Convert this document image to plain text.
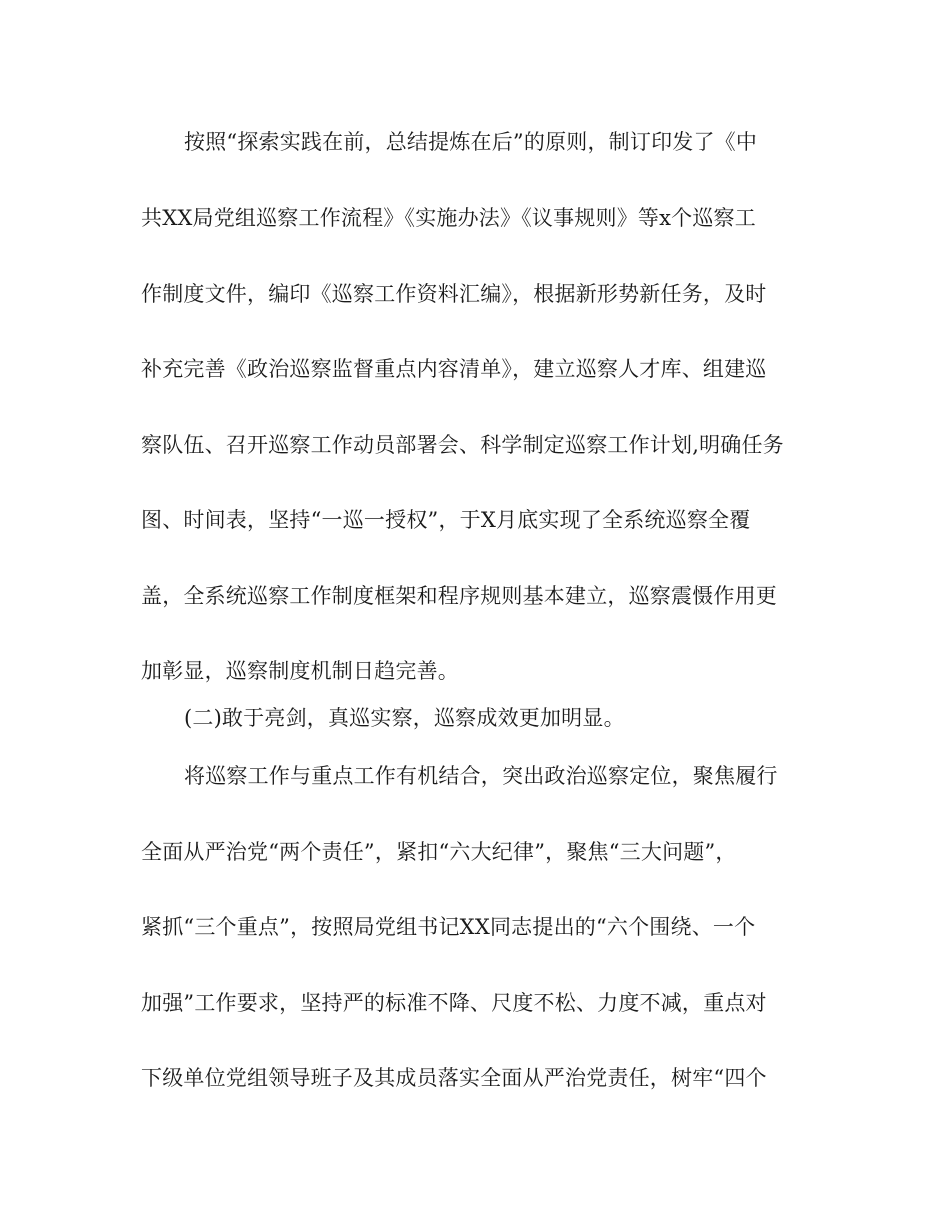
按照“探索实践在前，总结提炼在后”的原则，制订印发了《中
共XX局党组巡察工作流程》《实施办法》《议事规则》等x个巡察工
作制度文件，编印《巡察工作资料汇编》，根据新形势新任务，及时
补充完善《政治巡察监督重点内容清单》，建立巡察人才库、组建巡
察队伍、召开巡察工作动员部署会、科学制定巡察工作计划,明确任务
图、时间表，坚持“一巡一授权”，于X月底实现了全系统巡察全覆
盖，全系统巡察工作制度框架和程序规则基本建立，巡察震慑作用更
加彰显，巡察制度机制日趋完善。
(二)敢于亮剑，真巡实察，巡察成效更加明显。
将巡察工作与重点工作有机结合，突出政治巡察定位，聚焦履行
全面从严治党“两个责任”，紧扣“六大纪律”，聚焦“三大问题”，
紧抓“三个重点”，按照局党组书记XX同志提出的“六个围绕、一个
加强”工作要求，坚持严的标准不降、尺度不松、力度不减，重点对
下级单位党组领导班子及其成员落实全面从严治党责任，树牢“四个
